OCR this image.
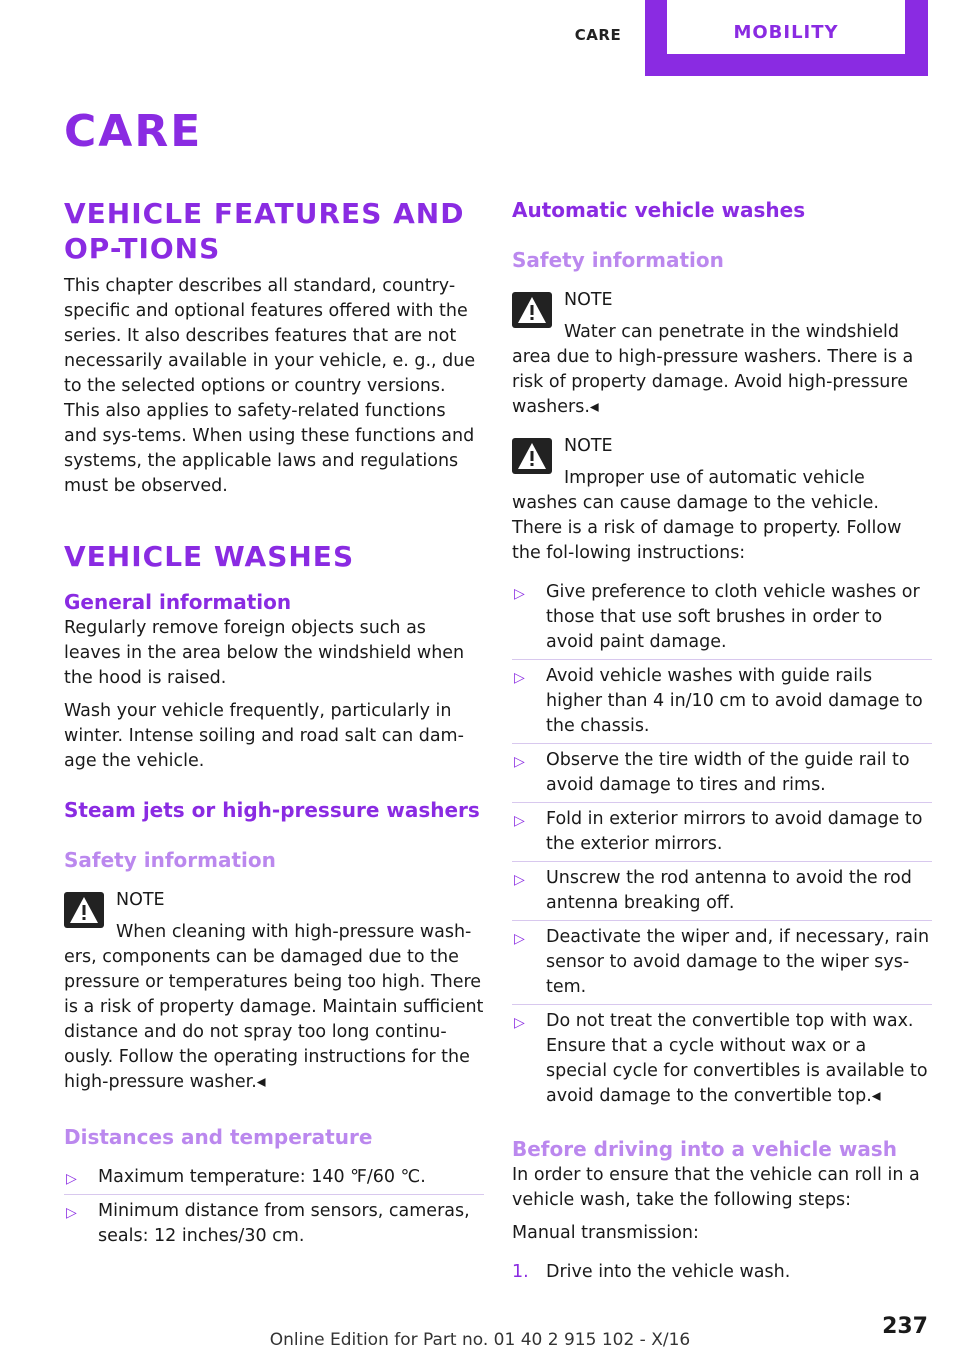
CARE	MOBILITY
CARE
VEHICLE FEATURES AND OP-TIONS

This chapter describes all standard, country-specific and optional features offered with the series. It also describes features that are not necessarily available in your vehicle, e. g., due to the selected options or country versions. This also applies to safety-related functions and sys-tems. When using these functions and systems, the applicable laws and regulations must be observed.

VEHICLE WASHES
General information

Regularly remove foreign objects such as leaves in the area below the windshield when the hood is raised.

Wash your vehicle frequently, particularly in winter. Intense soiling and road salt can dam-age the vehicle.

Steam jets or high-pressure washers
Safety information
NOTE

When cleaning with high-pressure wash-ers, components can be damaged due to the pressure or temperatures being too high. There is a risk of property damage. Maintain sufficient distance and do not spray too long continu-ously. Follow the operating instructions for the high-pressure washer.◂

Distances and temperature
▷ Maximum temperature: 140 ℉/60 ℃.
▷ Minimum distance from sensors, cameras, seals: 12 inches/30 cm.
Automatic vehicle washes
Safety information
NOTE

Water can penetrate in the windshield area due to high-pressure washers. There is a risk of property damage. Avoid high-pressure washers.◂

NOTE

Improper use of automatic vehicle washes can cause damage to the vehicle. There is a risk of damage to property. Follow the fol-lowing instructions:

▷ Give preference to cloth vehicle washes or those that use soft brushes in order to avoid paint damage.
▷ Avoid vehicle washes with guide rails higher than 4 in/10 cm to avoid damage to the chassis.
▷ Observe the tire width of the guide rail to avoid damage to tires and rims.
▷ Fold in exterior mirrors to avoid damage to the exterior mirrors.
▷ Unscrew the rod antenna to avoid the rod antenna breaking off.
▷ Deactivate the wiper and, if necessary, rain sensor to avoid damage to the wiper sys-tem.
▷ Do not treat the convertible top with wax. Ensure that a cycle without wax or a special cycle for convertibles is available to avoid damage to the convertible top.◂
Before driving into a vehicle wash

In order to ensure that the vehicle can roll in a vehicle wash, take the following steps:

Manual transmission:

1. Drive into the vehicle wash.
237
Online Edition for Part no. 01 40 2 915 102 - X/16
